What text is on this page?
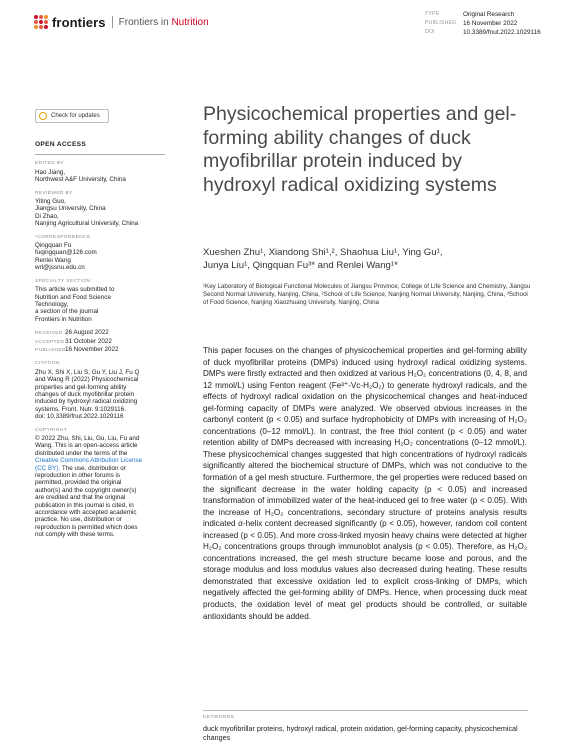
frontiers Frontiers in Nutrition
TYPE	Original Research
PUBLISHED	16 November 2022
DOI	10.3389/fnut.2022.1029116
Check for updates
OPEN ACCESS
EDITED BY
Hao Jiang,
Northwest A&F University, China
REVIEWED BY
Yiting Guo,
Jiangsu University, China
Di Zhao,
Nanjing Agricultural University, China
*CORRESPONDENCE
Qingquan Fu
fuqingquan@126.com
Renlei Wang
wrl@jssnu.edu.cn
SPECIALTY SECTION
This article was submitted to
Nutrition and Food Science
Technology,
a section of the journal
Frontiers in Nutrition
RECEIVED 26 August 2022
ACCEPTED31 October 2022
PUBLISHED16 November 2022
CITATION
Zhu X, Shi X, Liu S, Gu Y, Liu J, Fu Q
and Wang R (2022) Physicochemical
properties and gel-forming ability
changes of duck myofibrillar protein
induced by hydroxyl radical oxidizing
systems. Front. Nutr. 9:1029116.
doi: 10.3389/fnut.2022.1029116
COPYRIGHT
© 2022 Zhu, Shi, Liu, Gu, Liu, Fu and
Wang. This is an open-access article
distributed under the terms of the
Creative Commons Attribution License
(CC BY). The use, distribution or
reproduction in other forums is
permitted, provided the original
author(s) and the copyright owner(s)
are credited and that the original
publication in this journal is cited, in
accordance with accepted academic
practice. No use, distribution or
reproduction is permitted which does
not comply with these terms.
Physicochemical properties and gel-forming ability changes of duck myofibrillar protein induced by hydroxyl radical oxidizing systems
Xueshen Zhu¹, Xiandong Shi¹,², Shaohua Liu¹, Ying Gu¹,
Junya Liu¹, Qingquan Fu³* and Renlei Wang¹*
¹Key Laboratory of Biological Functional Molecules of Jiangsu Province, College of Life Science and Chemistry, Jiangsu Second Normal University, Nanjing, China, ²School of Life Science, Nanjing Normal University, Nanjing, China, ³School of Food Science, Nanjing Xiaozhuang University, Nanjing, China

This paper focuses on the changes of physicochemical properties and gel-forming ability of duck myofibrillar proteins (DMPs) induced using hydroxyl radical oxidizing systems. DMPs were firstly extracted and then oxidized at various H₂O₂ concentrations (0, 4, 8, and 12 mmol/L) using Fenton reagent (Fe³⁺-Vc-H₂O₂) to generate hydroxyl radicals, and the effects of hydroxyl radical oxidation on the physicochemical changes and heat-induced gel-forming capacity of DMPs were analyzed. We observed obvious increases in the carbonyl content (p < 0.05) and surface hydrophobicity of DMPs with increasing of H₂O₂ concentrations (0–12 mmol/L). In contrast, the free thiol content (p < 0.05) and water retention ability of DMPs decreased with increasing H₂O₂ concentrations (0–12 mmol/L). These physicochemical changes suggested that high concentrations of hydroxyl radicals significantly altered the biochemical structure of DMPs, which was not conducive to the formation of a gel mesh structure. Furthermore, the gel properties were reduced based on the significant decrease in the water holding capacity (p < 0.05) and increased transformation of immobilized water of the heat-induced gel to free water (p < 0.05). With the increase of H₂O₂ concentrations, secondary structure of proteins analysis results indicated α-helix content decreased significantly (p < 0.05), however, random coil content increased (p < 0.05). And more cross-linked myosin heavy chains were detected at higher H₂O₂ concentrations groups through immunoblot analysis (p < 0.05). Therefore, as H₂O₂ concentrations increased, the gel mesh structure became loose and porous, and the storage modulus and loss modulus values also decreased during heating. These results demonstrated that excessive oxidation led to explicit cross-linking of DMPs, which negatively affected the gel-forming ability of DMPs. Hence, when processing duck meat products, the oxidation level of meat gel products should be controlled, or suitable antioxidants should be added.

KEYWORDS
duck myofibrillar proteins, hydroxyl radical, protein oxidation, gel-forming capacity, physicochemical changes
